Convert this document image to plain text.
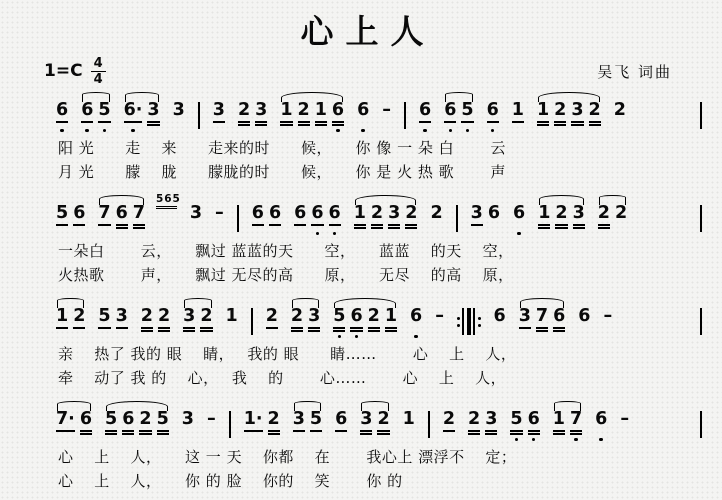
心上人
$1=C \frac{4}{4}$	吴飞 词曲
6 6 5 6· 3 3 3 2 3 1 2 1 6 6 – 6 6 5 6 1 1 2 3 2 2
阳 光　　走　 来　　走来的时　　候，　　你 像 一 朵 白　　 云
月 光　　朦　 胧　　朦胧的时　　候，　　你 是 火 热 歌　　 声
5 6 7 6 7
565
3 – 6 6 6 6 6 1 2 3 2 2 3 6 6 1 2 3 2 2
一朵白　　 云，　　飘过 蓝蓝的天　　空，　　蓝蓝　 的天　 空，
火热歌　　 声，　　飘过 无尽的高　　原，　　无尽　 的高　 原，
1 2 5 3 2 2 3 2 1 2 2 3 5 6 2 1 6 –	6 3 7 6 6 –
亲　 热了 我的 眼　 睛，　 我的 眼　　睛……　　 心　 上　 人，
牵　 动了 我 的　 心，　 我　 的　　 心……　　 心　 上　 人，
7· 6 5 6 2 5 3 – 1· 2 3 5 6 3 2 1 2 2 3 5 6 1 7 6 –
心　 上　 人，　　这 一 天　 你都　 在　　 我心上 漂浮不　 定；
心　 上　 人，　　你 的 脸　 你的　 笑　　 你 的
